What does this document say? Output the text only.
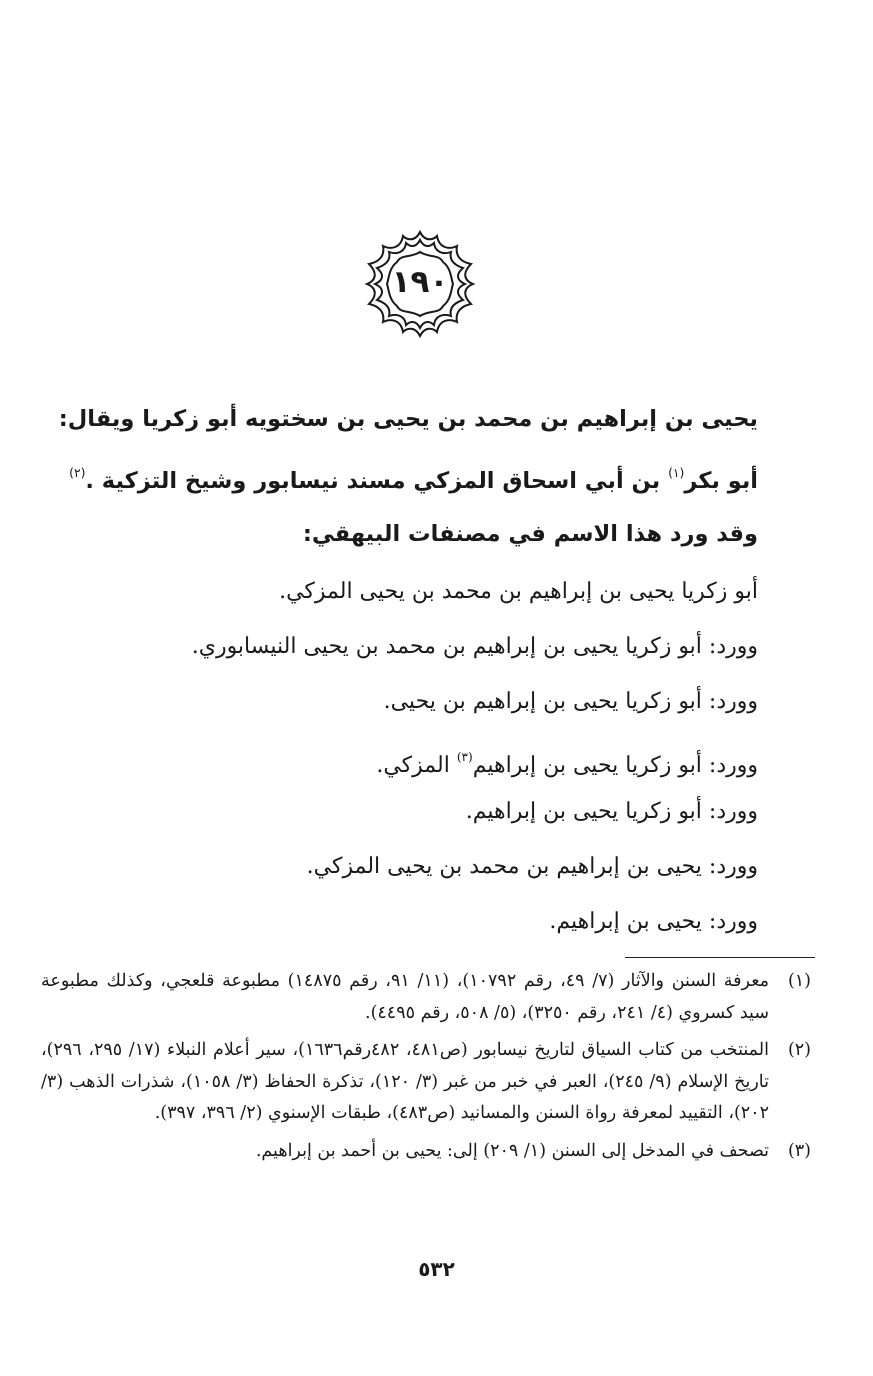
١٩٠
يحيى بن إبراهيم بن محمد بن يحيى بن سختويه أبو زكريا ويقال:
أبو بكر$^{(١)}$ بن أبي اسحاق المزكي مسند نيسابور وشيخ التزكية .$^{(٢)}$
وقد ورد هذا الاسم في مصنفات البيهقي:
أبو زكريا يحيى بن إبراهيم بن محمد بن يحيى المزكي.
وورد: أبو زكريا يحيى بن إبراهيم بن محمد بن يحيى النيسابوري.
وورد: أبو زكريا يحيى بن إبراهيم بن يحيى.
وورد: أبو زكريا يحيى بن إبراهيم$^{(٣)}$ المزكي.
وورد: أبو زكريا يحيى بن إبراهيم.
وورد: يحيى بن إبراهيم بن محمد بن يحيى المزكي.
وورد: يحيى بن إبراهيم.
(١)
معرفة السنن والآثار (٧/ ٤٩، رقم ١٠٧٩٢)، (١١/ ٩١، رقم ١٤٨٧٥) مطبوعة قلعجي، وكذلك مطبوعة سيد كسروي (٤/ ٢٤١، رقم ٣٢٥٠)، (٥/ ٥٠٨، رقم ٤٤٩٥).
(٢)
المنتخب من كتاب السياق لتاريخ نيسابور (ص٤٨١، ٤٨٢رقم١٦٣٦)، سير أعلام النبلاء (١٧/ ٢٩٥، ٢٩٦)، تاريخ الإسلام (٩/ ٢٤٥)، العبر في خبر من غبر (٣/ ١٢٠)، تذكرة الحفاظ (٣/ ١٠٥٨)، شذرات الذهب (٣/ ٢٠٢)، التقييد لمعرفة رواة السنن والمسانيد (ص٤٨٣)، طبقات الإسنوي (٢/ ٣٩٦، ٣٩٧).
(٣)
تصحف في المدخل إلى السنن (١/ ٢٠٩) إلى: يحيى بن أحمد بن إبراهيم.
٥٣٢
